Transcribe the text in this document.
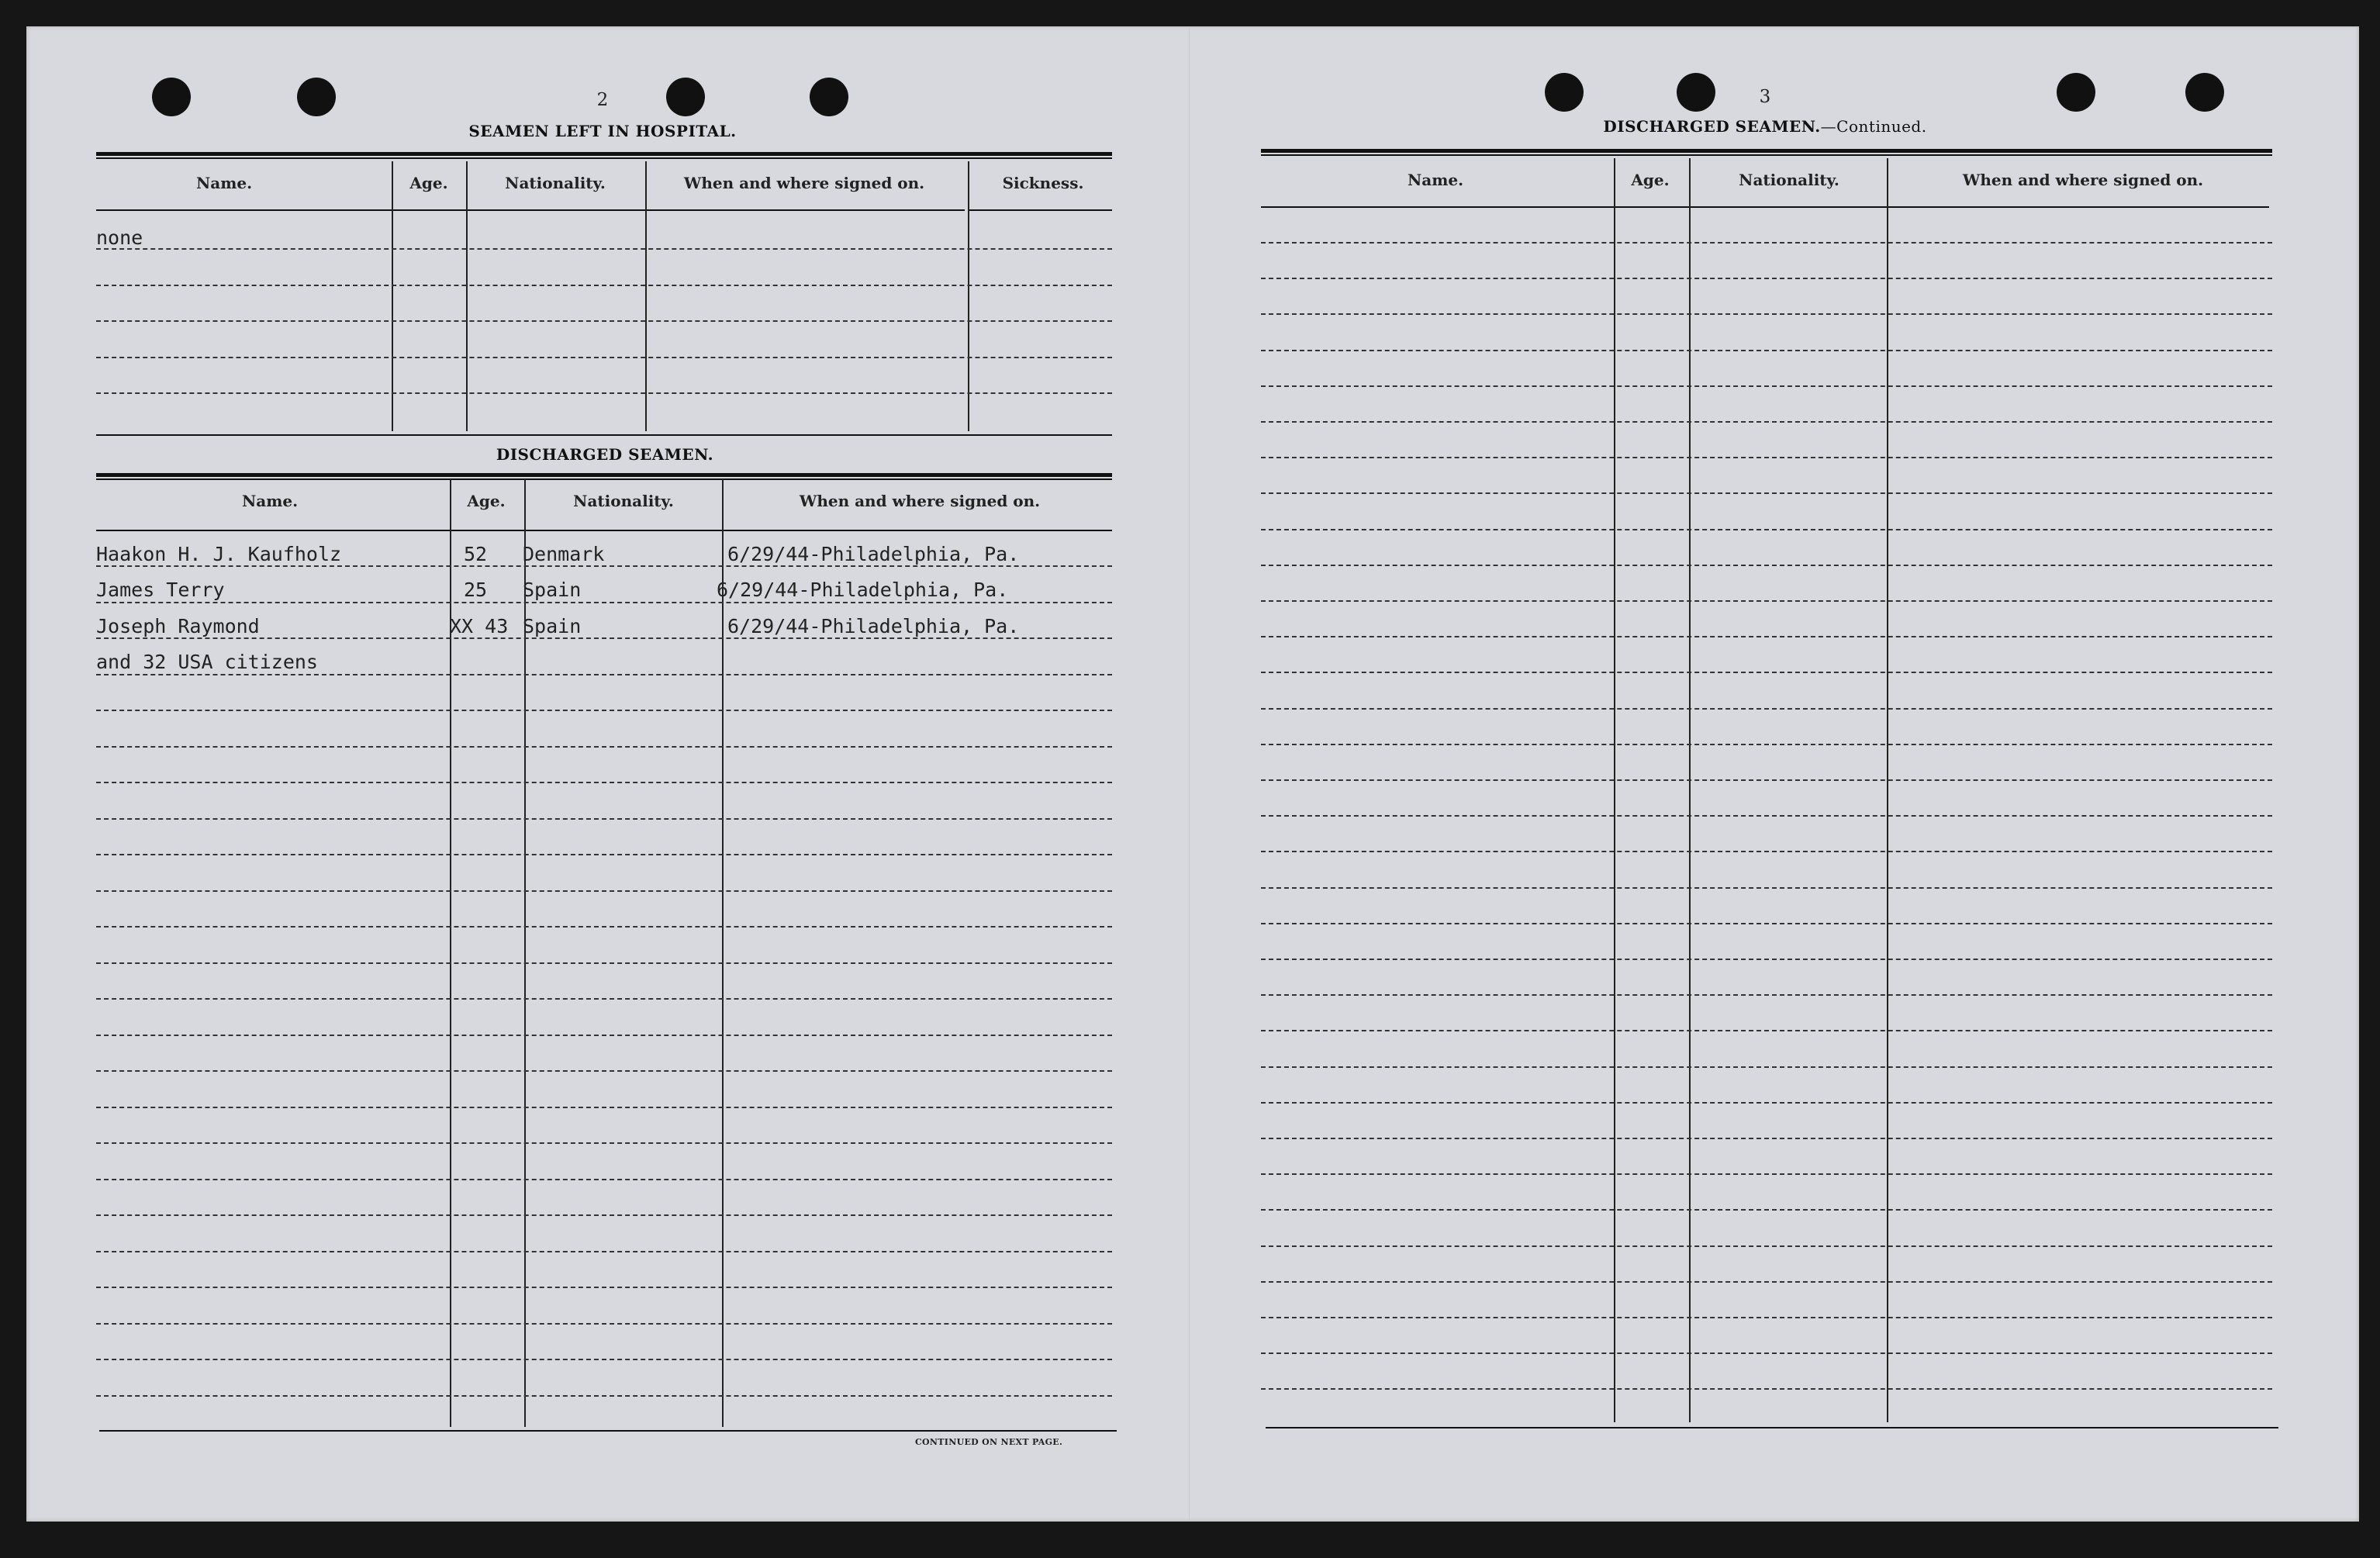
2
SEAMEN LEFT IN HOSPITAL.
Name.	Age.	Nationality.	When and where signed on.	Sickness.
none
DISCHARGED SEAMEN.
Name.	Age.	Nationality.	When and where signed on.
Haakon H. J. Kaufholz	52 Denmark	6/29/44-Philadelphia, Pa.
James Terry	25 Spain	6/29/44-Philadelphia, Pa.
Joseph Raymond	XX 43 Spain	6/29/44-Philadelphia, Pa.
and 32 USA citizens
CONTINUED ON NEXT PAGE.
3
DISCHARGED SEAMEN.—Continued.
Name.	Age.	Nationality.	When and where signed on.
